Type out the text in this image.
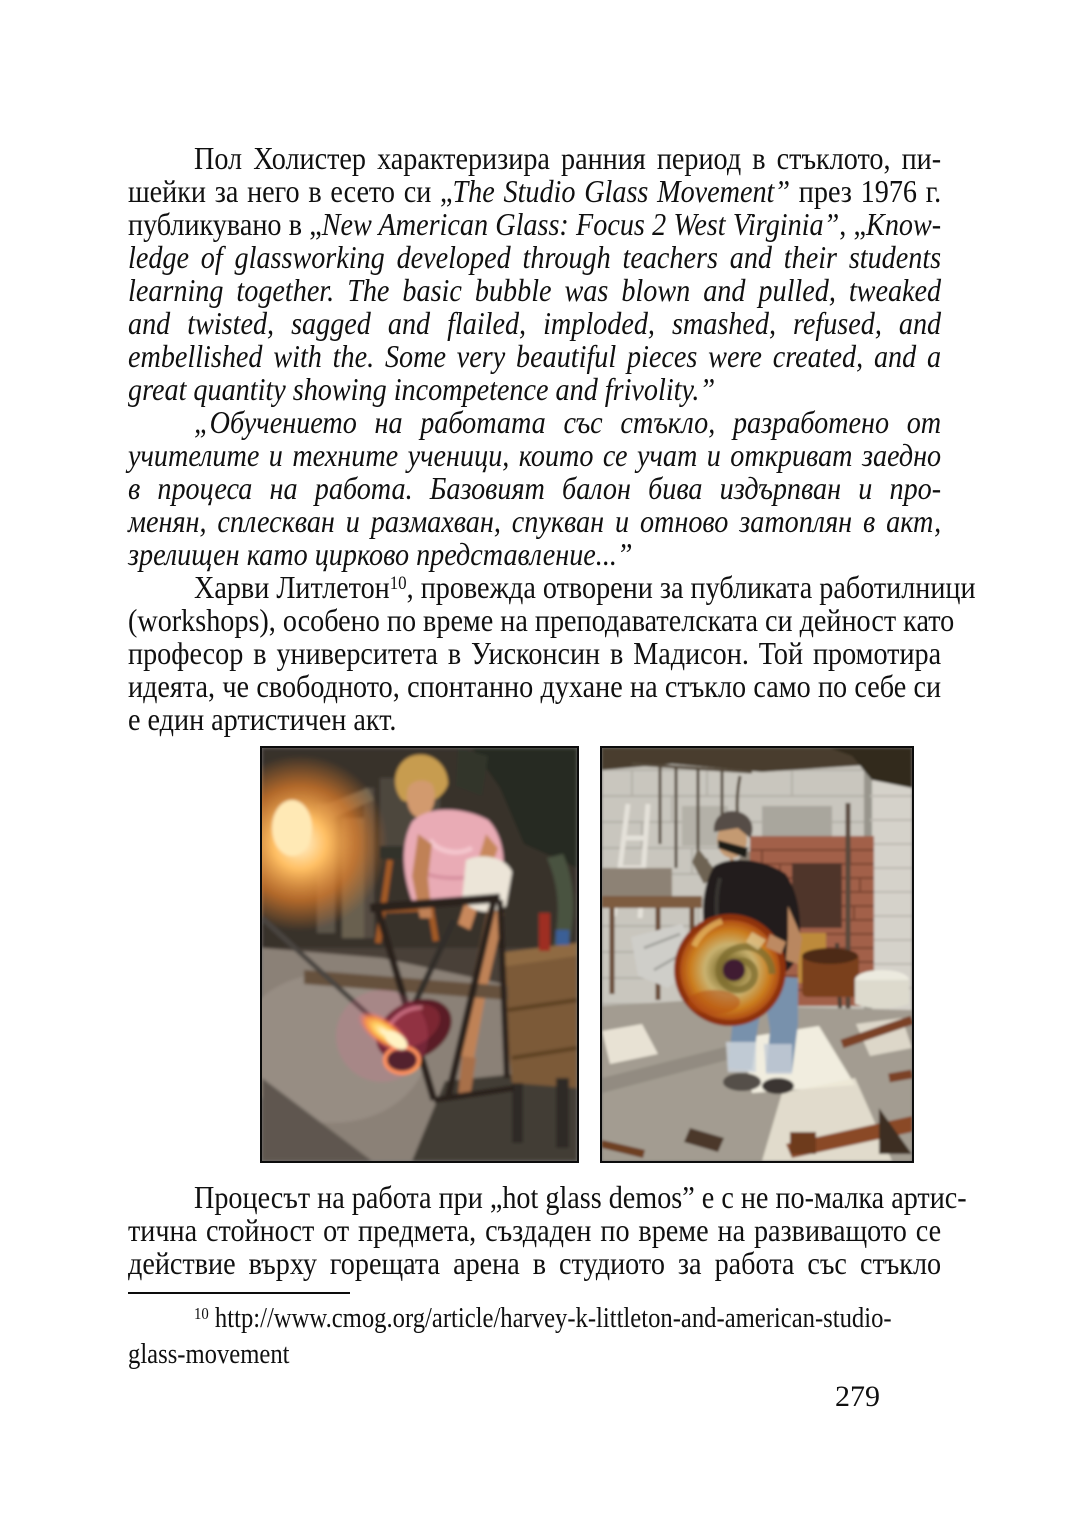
Пол Холистер характеризира ранния период в стъклото, пи-
шейки за него в есето си „The Studio Glass Movement” през 1976 г.
публикувано в „New American Glass: Focus 2 West Virginia”, „Know-
ledge of glassworking developed through teachers and their students
learning together. The basic bubble was blown and pulled, tweaked
and twisted, sagged and flailed, imploded, smashed, refused, and
embellished with the. Some very beautiful pieces were created, and a
great quantity showing incompetence and frivolity.”
„Обучението на работата със стъкло, разработено от
учителите и техните ученици, които се учат и откриват заедно
в процеса на работа. Базовият балон бива издърпван и про-
менян, сплескван и размахван, спукван и отново затоплян в акт,
зрелищен като цирково представление...”
Харви Литлетон$^{10}$, провежда отворени за публиката работилници
(workshops), особено по време на преподавателската си дейност като
професор в университета в Уисконсин в Мадисон. Той промотира
идеята, че свободното, спонтанно духане на стъкло само по себе си
е един артистичен акт.
Процесът на работа при „hot glass demos” е с не по-малка артис-
тична стойност от предмета, създаден по време на развиващото се
действие върху горещата арена в студиото за работа със стъкло
$^{10}$ http://www.cmog.org/article/harvey-k-littleton-and-american-studio-
glass-movement
279
